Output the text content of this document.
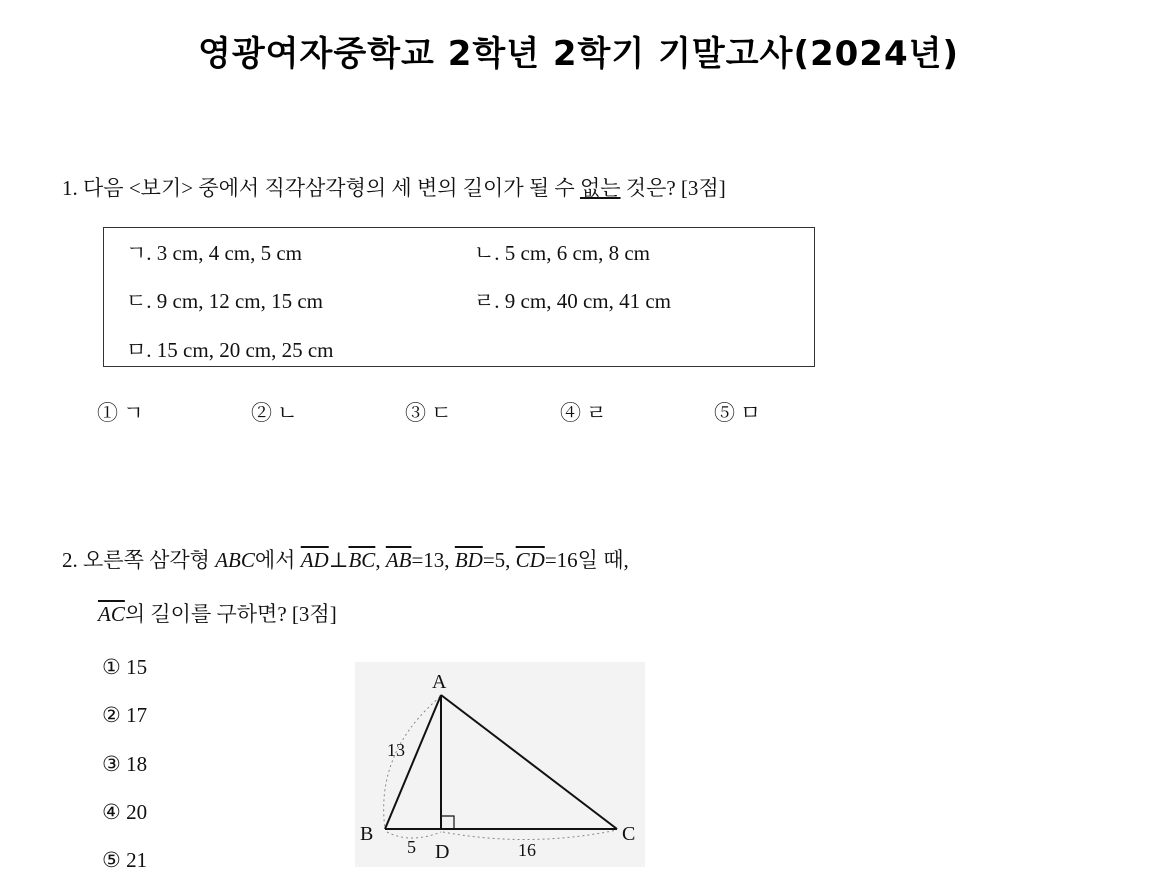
영광여자중학교 2학년 2학기 기말고사(2024년)
1. 다음 <보기> 중에서 직각삼각형의 세 변의 길이가 될 수 없는 것은? [3점]
ㄱ. 3 cm, 4 cm, 5 cm	ㄴ. 5 cm, 6 cm, 8 cm
ㄷ. 9 cm, 12 cm, 15 cm	ㄹ. 9 cm, 40 cm, 41 cm
ㅁ. 15 cm, 20 cm, 25 cm
① ㄱ	② ㄴ	③ ㄷ	④ ㄹ	⑤ ㅁ
2. 오른쪽 삼각형 ABC에서 $\overline{AD}\perp\overline{BC}$, $\overline{AB}=13$, $\overline{BD}=5$, $\overline{CD}=16$일 때,
$\overline{AC}$의 길이를 구하면? [3점]
① 15
② 17
③ 18
④ 20
⑤ 21
A
B	C
D
13
5	16
